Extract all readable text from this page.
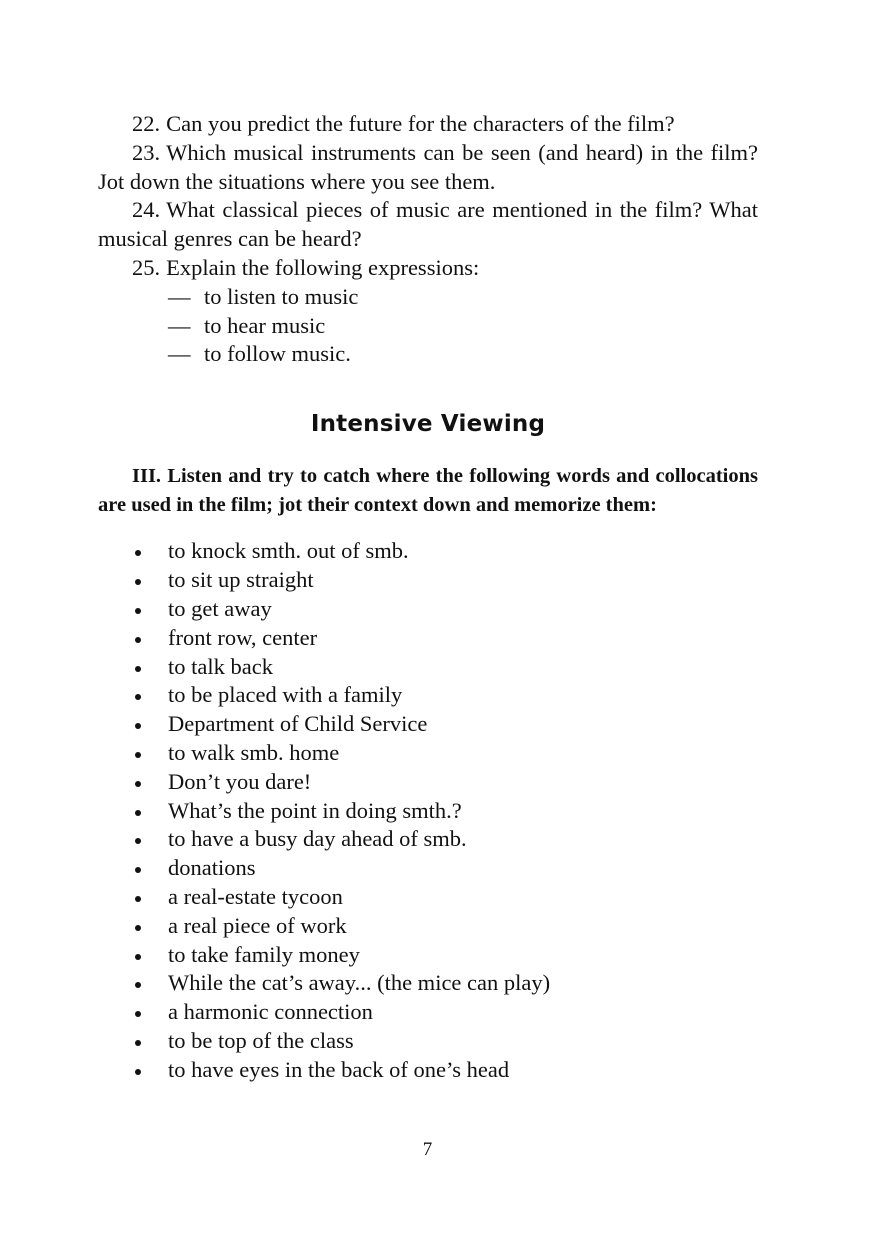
22. Can you predict the future for the characters of the film?

23. Which musical instruments can be seen (and heard) in the film? Jot down the situations where you see them.

24. What classical pieces of music are mentioned in the film? What musical genres can be heard?

25. Explain the following expressions:

— to listen to music
— to hear music
— to follow music.
Intensive Viewing

III. Listen and try to catch where the following words and collocations are used in the film; jot their context down and memorize them:

to knock smth. out of smb.
to sit up straight
to get away
front row, center
to talk back
to be placed with a family
Department of Child Service
to walk smb. home
Don’t you dare!
What’s the point in doing smth.?
to have a busy day ahead of smb.
donations
a real-estate tycoon
a real piece of work
to take family money
While the cat’s away... (the mice can play)
a harmonic connection
to be top of the class
to have eyes in the back of one’s head
7
